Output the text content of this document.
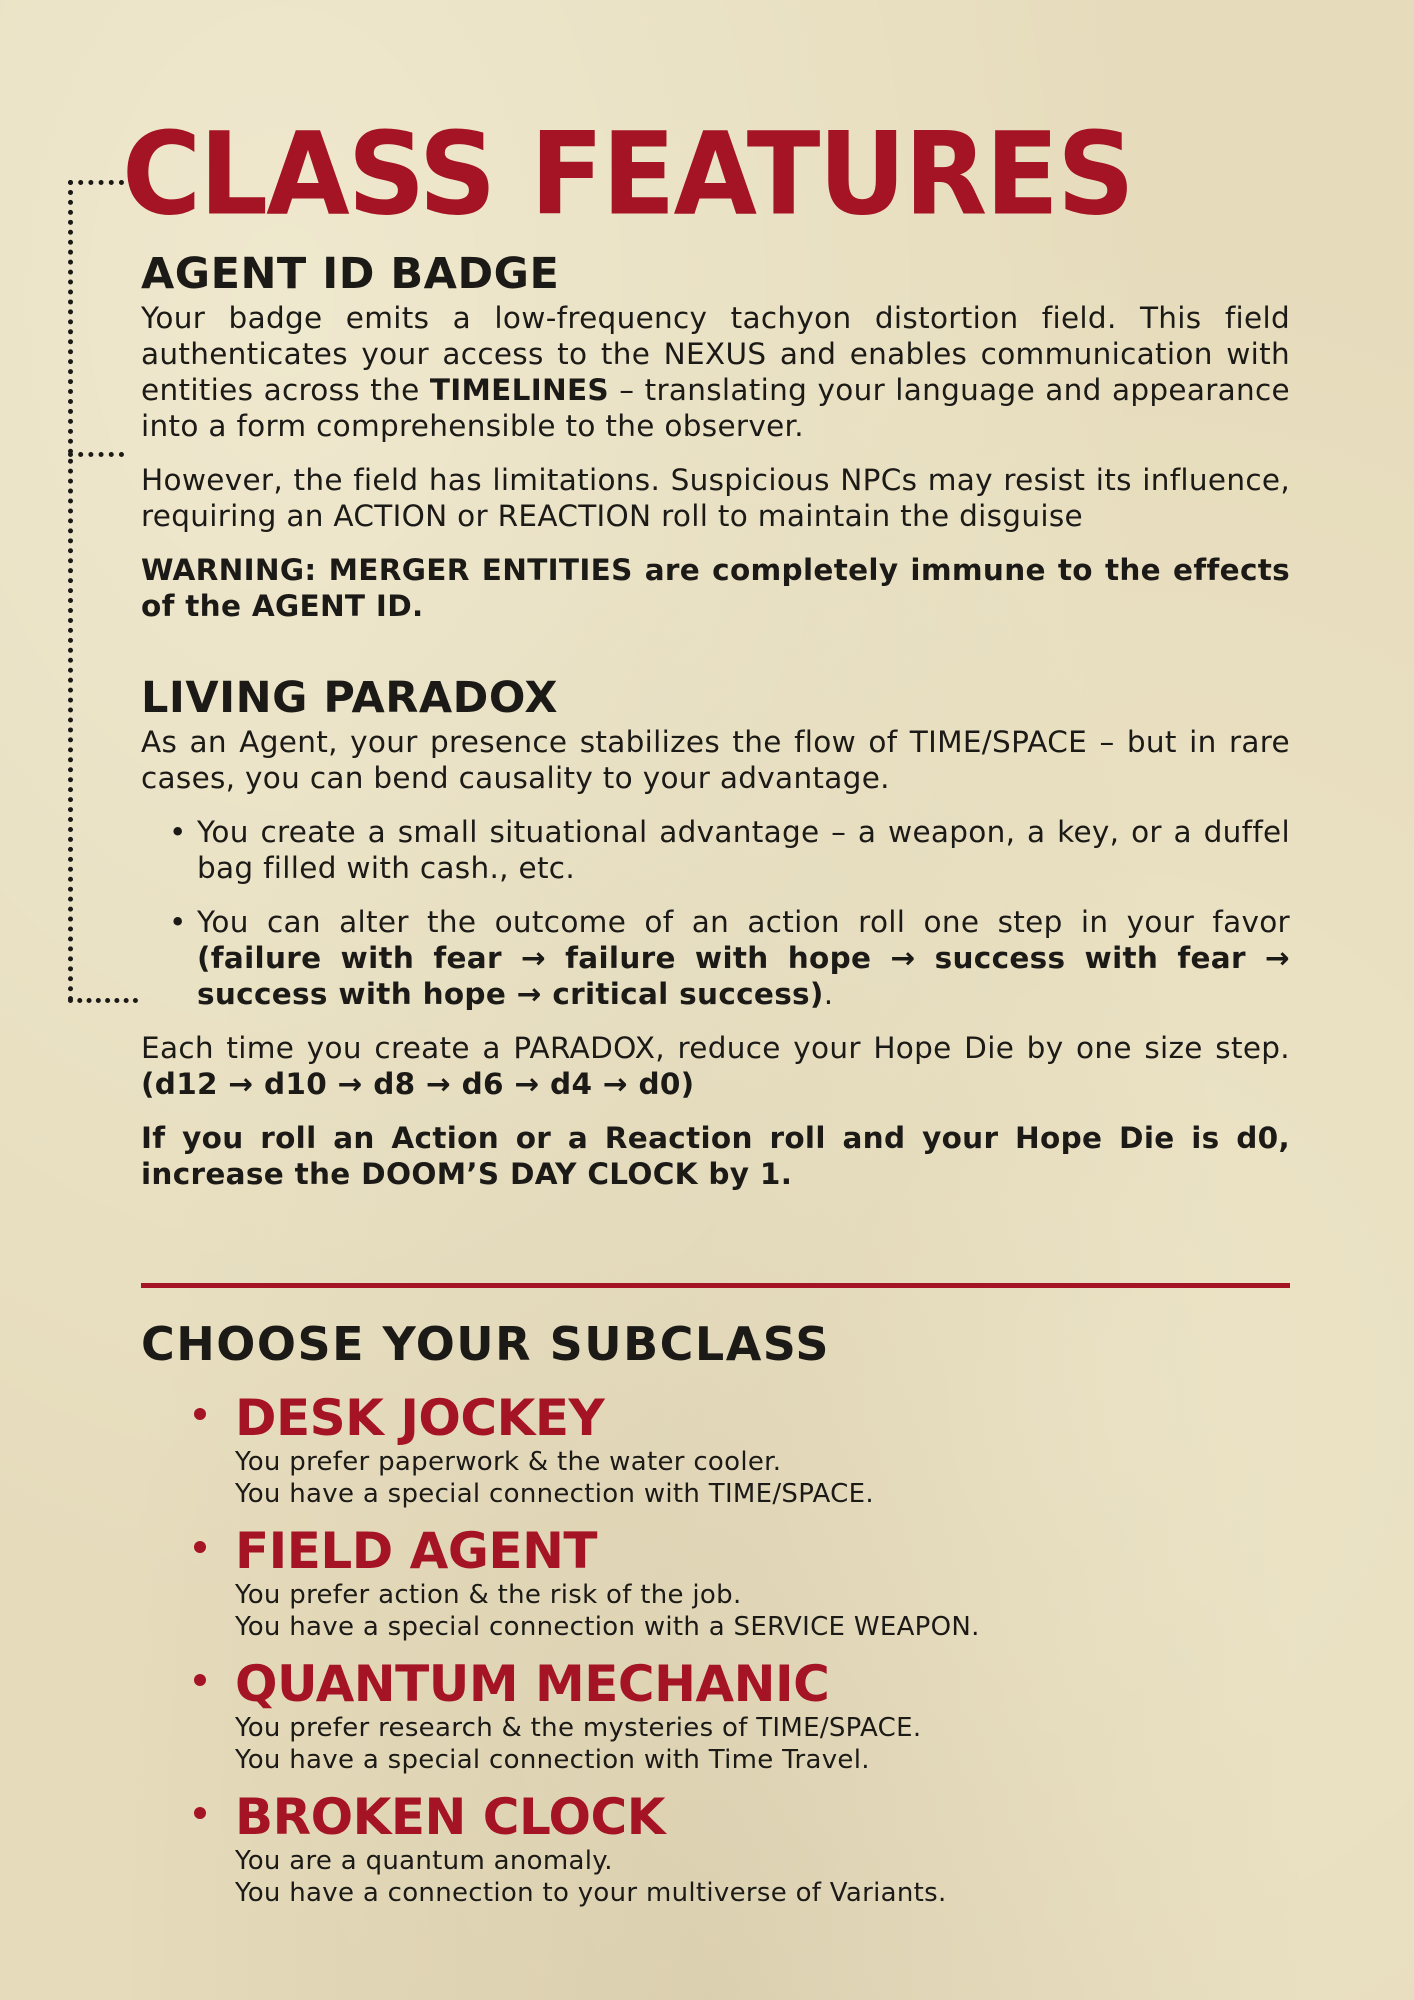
CLASS FEATURES
AGENT ID BADGE

Your badge emits a low-frequency tachyon distortion field. This field authenticates your access to the NEXUS and enables communication with entities across the TIMELINES – translating your language and appearance into a form comprehensible to the observer.

However, the field has limitations. Suspicious NPCs may resist its influence, requiring an ACTION or REACTION roll to maintain the disguise

WARNING: MERGER ENTITIES are completely immune to the effects of the AGENT ID.

LIVING PARADOX

As an Agent, your presence stabilizes the flow of TIME/SPACE – but in rare cases, you can bend causality to your advantage.

• You create a small situational advantage – a weapon, a key, or a duffel bag filled with cash., etc.
• You can alter the outcome of an action roll one step in your favor (failure with fear → failure with hope → success with fear → success with hope → critical success).

Each time you create a PARADOX, reduce your Hope Die by one size step. (d12 → d10 → d8 → d6 → d4 → d0)

If you roll an Action or a Reaction roll and your Hope Die is d0, increase the DOOM’S DAY CLOCK by 1.

CHOOSE YOUR SUBCLASS
DESK JOCKEY
You prefer paperwork & the water cooler.
You have a special connection with TIME/SPACE.
FIELD AGENT
You prefer action & the risk of the job.
You have a special connection with a SERVICE WEAPON.
QUANTUM MECHANIC
You prefer research & the mysteries of TIME/SPACE.
You have a special connection with Time Travel.
BROKEN CLOCK
You are a quantum anomaly.
You have a connection to your multiverse of Variants.
